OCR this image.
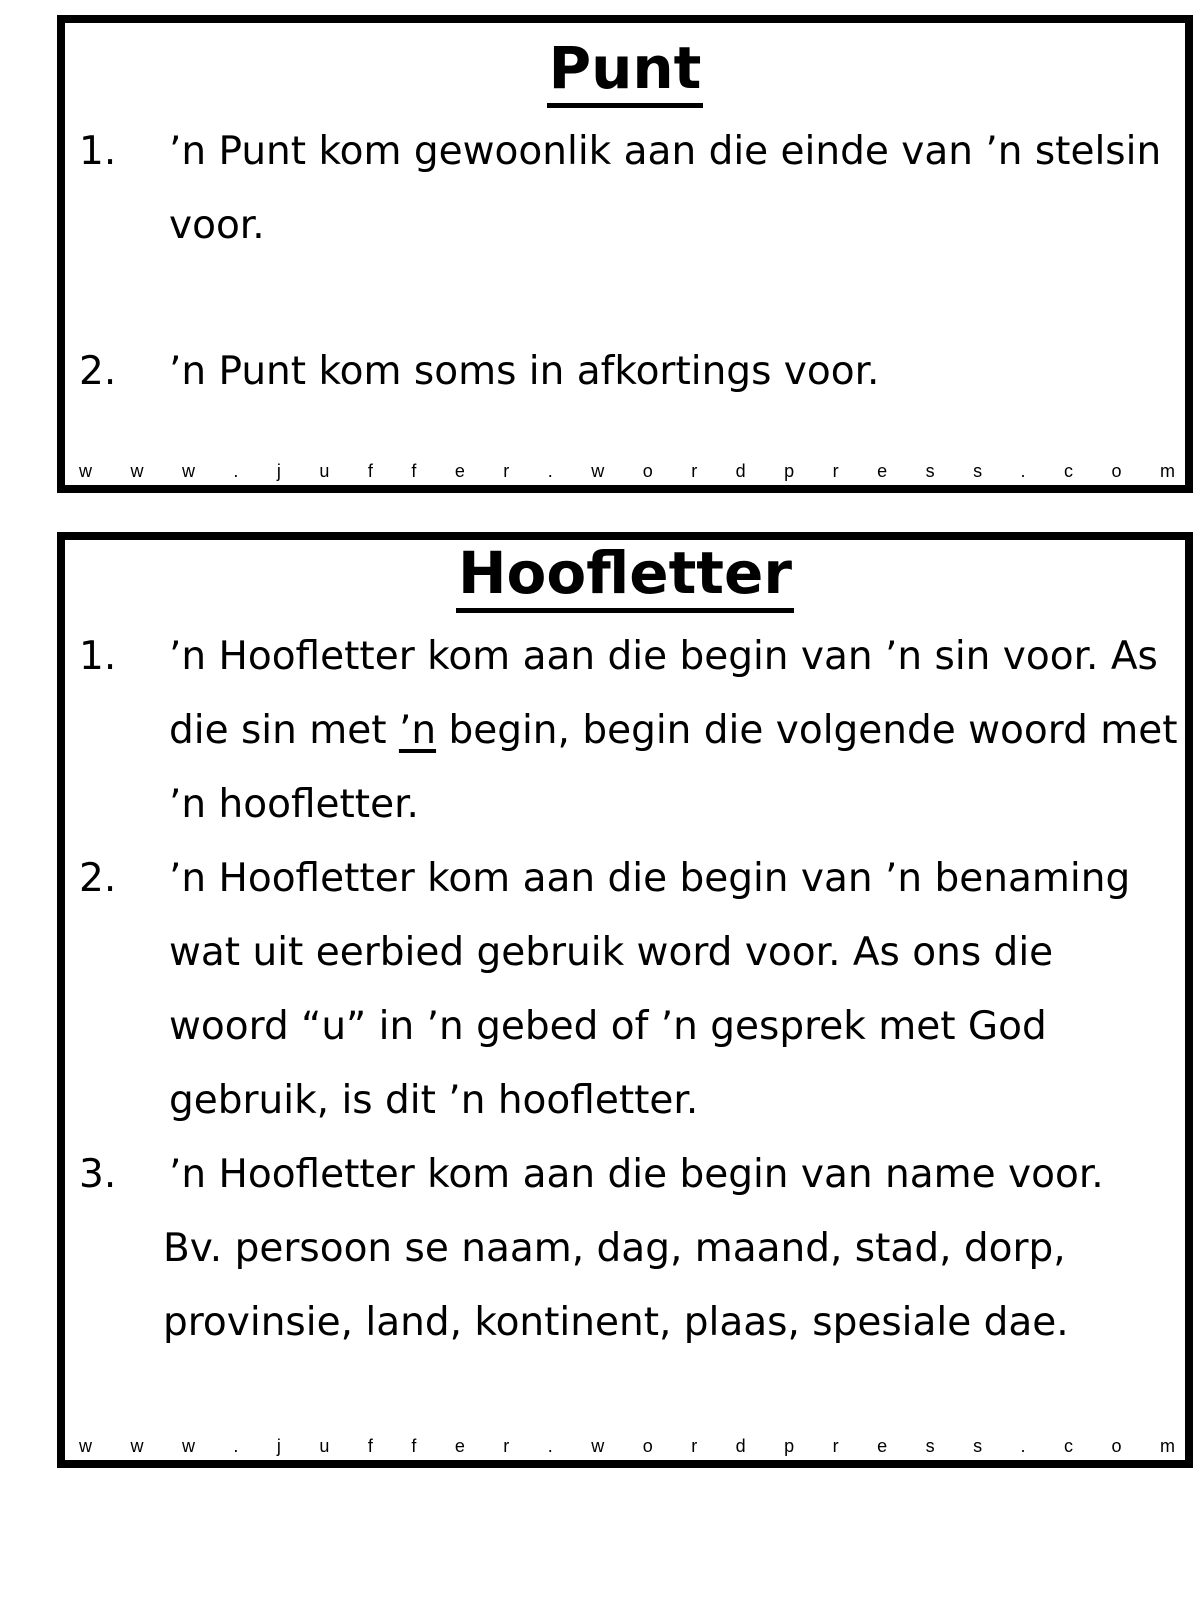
Punt
1. ’n Punt kom gewoonlik aan die einde van ’n stelsin
voor.
2. ’n Punt kom soms in afkortings voor.
w w w . j u f f e r . w o r d p r e s s . c o m
Hoofletter
1. ’n Hoofletter kom aan die begin van ’n sin voor. As
die sin met ’n begin, begin die volgende woord met
’n hoofletter.
2. ’n Hoofletter kom aan die begin van ’n benaming
wat uit eerbied gebruik word voor. As ons die
woord “u” in ’n gebed of ’n gesprek met God
gebruik, is dit ’n hoofletter.
3. ’n Hoofletter kom aan die begin van name voor.
Bv. persoon se naam, dag, maand, stad, dorp,
provinsie, land, kontinent, plaas, spesiale dae.
w w w . j u f f e r . w o r d p r e s s . c o m
